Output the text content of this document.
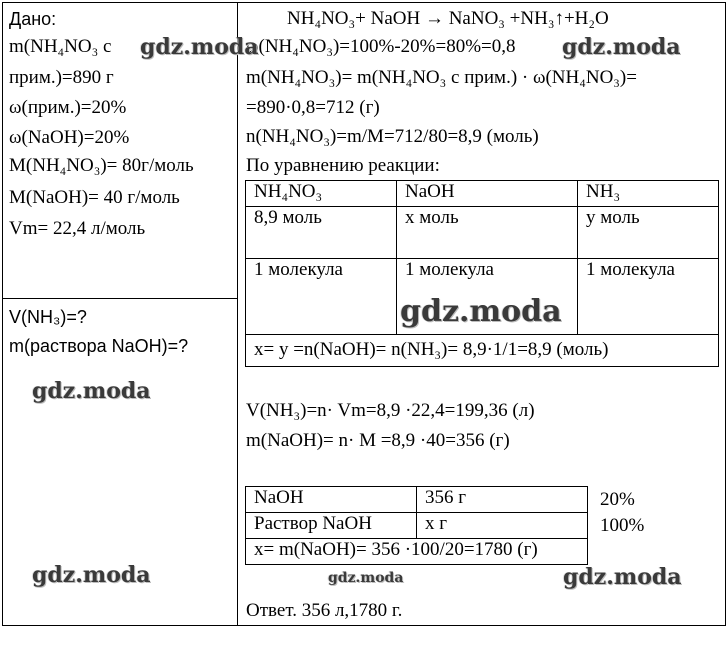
Дано:
m(NH₄NO₃ с
прим.)=890 г
ω(прим.)=20%
ω(NaOH)=20%
M(NH₄NO₃)= 80г/моль
M(NaOH)= 40 г/моль
Vm= 22,4 л/моль
V(NH₃)=?
m(раствора NaOH)=?
NH₄NO₃+ NaOH → NaNO₃ +NH₃↑+H₂O
ω(NH₄NO₃)=100%-20%=80%=0,8
m(NH₄NO₃)= m(NH₄NO₃ с прим.) · ω(NH₄NO₃)=
=890·0,8=712 (г)
n(NH₄NO₃)=m/M=712/80=8,9 (моль)
По уравнению реакции:
NH₄NO₃	NaOH	NH₃
8,9 моль	x моль	y моль
1 молекула	1 молекула	1 молекула
x= y =n(NaOH)= n(NH₃)= 8,9·1/1=8,9 (моль)		
V(NH₃)=n· Vm=8,9 ·22,4=199,36 (л)
m(NaOH)= n· M =8,9 ·40=356 (г)
NaOH	356 г
Раствор NaOH	x г
x= m(NaOH)= 356 ·100/20=1780 (г)	
20%
100%
Ответ. 356 л,1780 г.
gdz.moda	gdz.moda
gdz.moda
gdz.moda
gdz.moda	gdz.moda	gdz.moda
